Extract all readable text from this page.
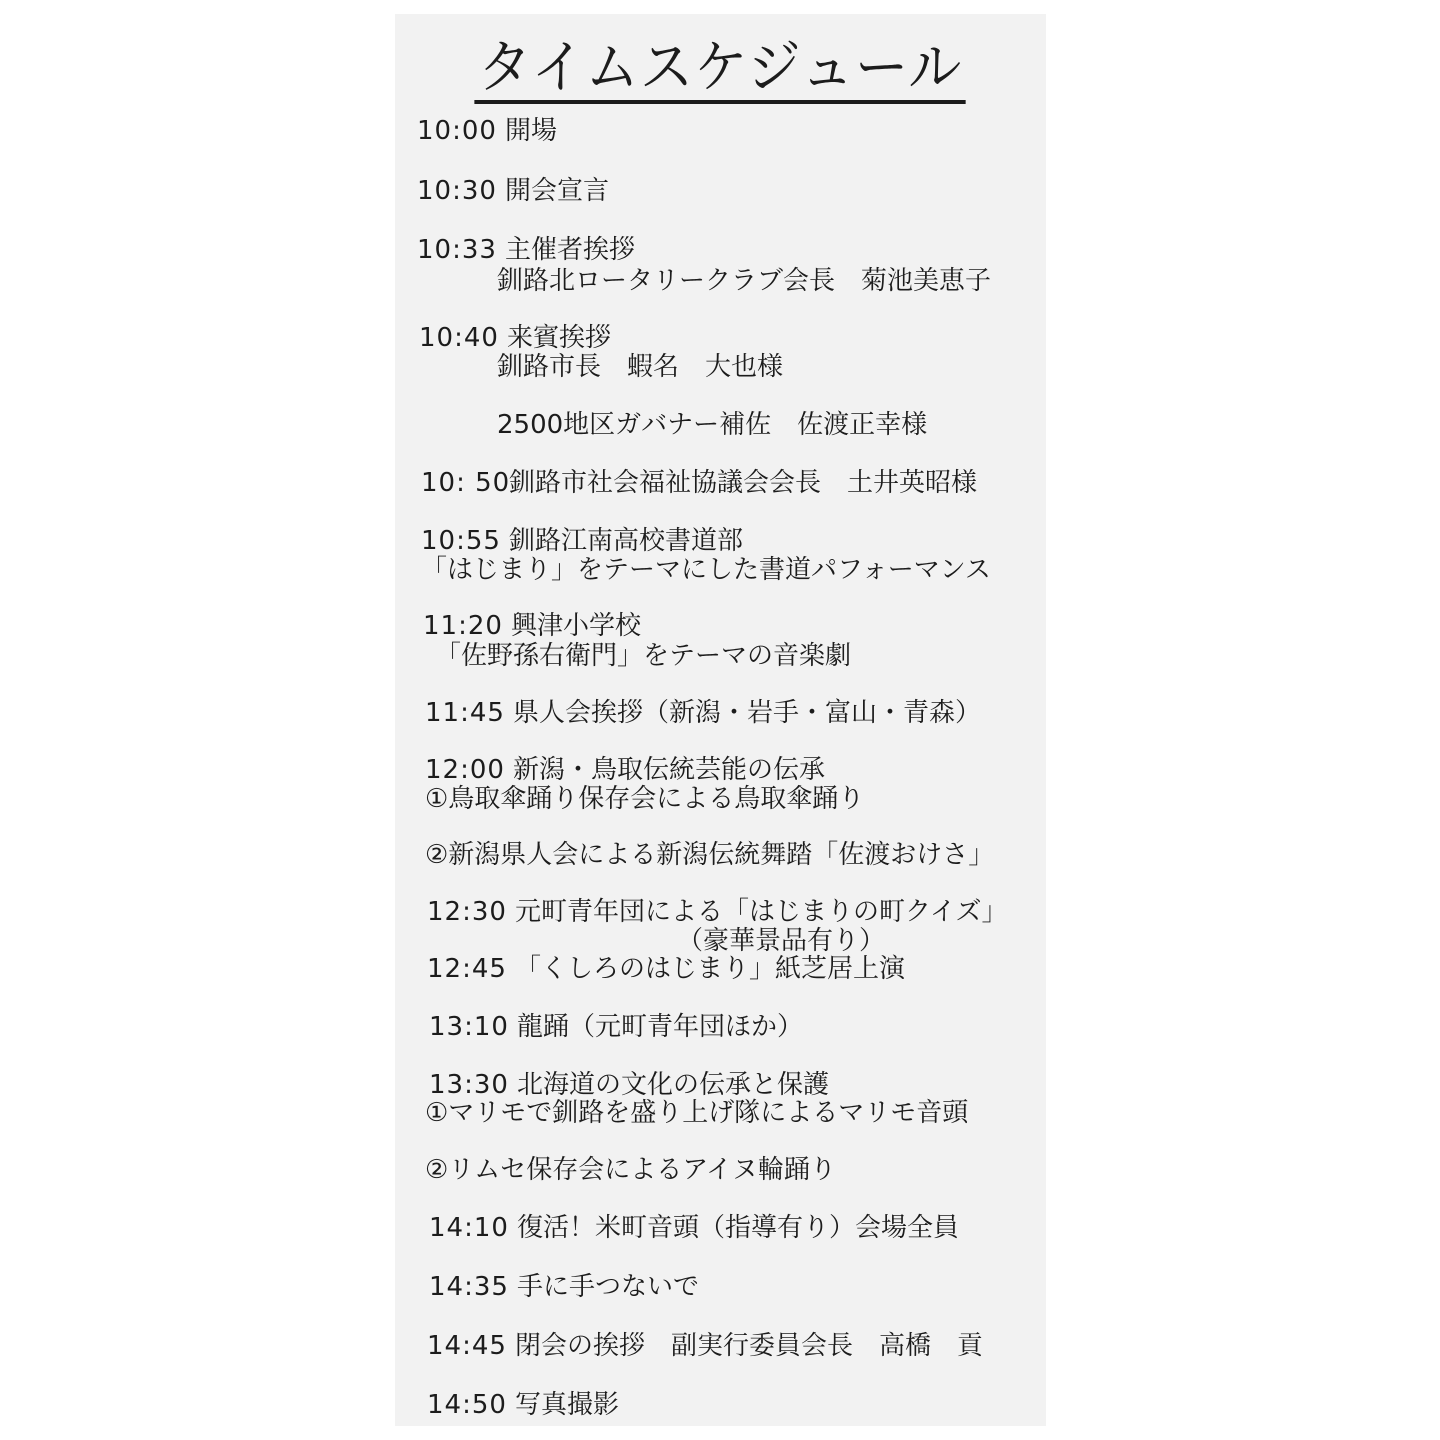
タイムスケジュール
10:00 開場
10:30 開会宣言
10:33 主催者挨拶
釧路北ロータリークラブ会長　菊池美恵子
10:40 来賓挨拶
釧路市長　蝦名　大也様
2500地区ガバナー補佐　佐渡正幸様
10: 50釧路市社会福祉協議会会長　土井英昭様
10:55 釧路江南高校書道部
「はじまり」をテーマにした書道パフォーマンス
11:20 興津小学校
「佐野孫右衛門」をテーマの音楽劇
11:45 県人会挨拶（新潟・岩手・富山・青森）
12:00 新潟・鳥取伝統芸能の伝承
①鳥取傘踊り保存会による鳥取傘踊り
②新潟県人会による新潟伝統舞踏「佐渡おけさ」
12:30 元町青年団による「はじまりの町クイズ」
（豪華景品有り）
12:45 「くしろのはじまり」紙芝居上演
13:10 龍踊（元町青年団ほか）
13:30 北海道の文化の伝承と保護
①マリモで釧路を盛り上げ隊によるマリモ音頭
②リムセ保存会によるアイヌ輪踊り
14:10 復活！米町音頭（指導有り）会場全員
14:35 手に手つないで
14:45 閉会の挨拶　副実行委員会長　高橋　貢
14:50 写真撮影
